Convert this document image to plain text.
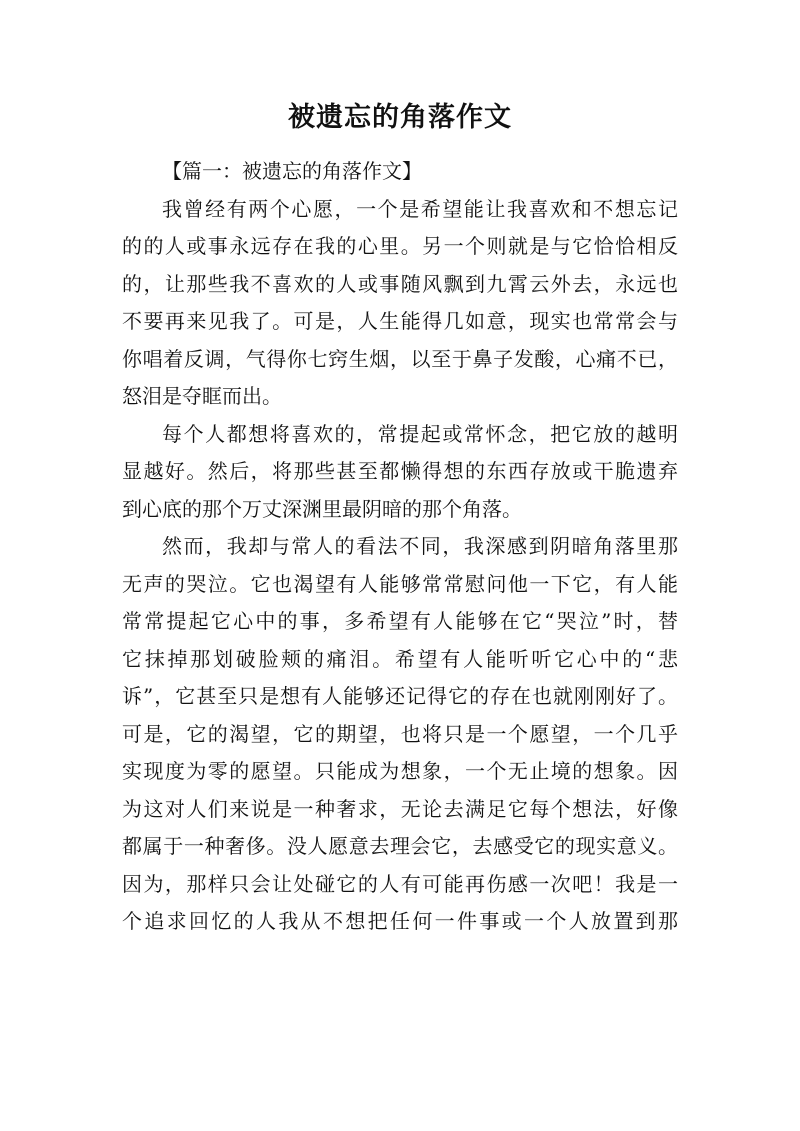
被遗忘的角落作文

【篇一：被遗忘的角落作文】

我曾经有两个心愿，一个是希望能让我喜欢和不想忘记
的的人或事永远存在我的心里。另一个则就是与它恰恰相反
的，让那些我不喜欢的人或事随风飘到九霄云外去，永远也
不要再来见我了。可是，人生能得几如意，现实也常常会与
你唱着反调，气得你七窍生烟，以至于鼻子发酸，心痛不已，
怒泪是夺眶而出。
每个人都想将喜欢的，常提起或常怀念，把它放的越明
显越好。然后，将那些甚至都懒得想的东西存放或干脆遗弃
到心底的那个万丈深渊里最阴暗的那个角落。
然而，我却与常人的看法不同，我深感到阴暗角落里那
无声的哭泣。它也渴望有人能够常常慰问他一下它，有人能
常常提起它心中的事，多希望有人能够在它“哭泣”时，替
它抹掉那划破脸颊的痛泪。希望有人能听听它心中的“悲
诉”，它甚至只是想有人能够还记得它的存在也就刚刚好了。
可是，它的渴望，它的期望，也将只是一个愿望，一个几乎
实现度为零的愿望。只能成为想象，一个无止境的想象。因
为这对人们来说是一种奢求，无论去满足它每个想法，好像
都属于一种奢侈。没人愿意去理会它，去感受它的现实意义。
因为，那样只会让处碰它的人有可能再伤感一次吧！我是一
个追求回忆的人我从不想把任何一件事或一个人放置到那
